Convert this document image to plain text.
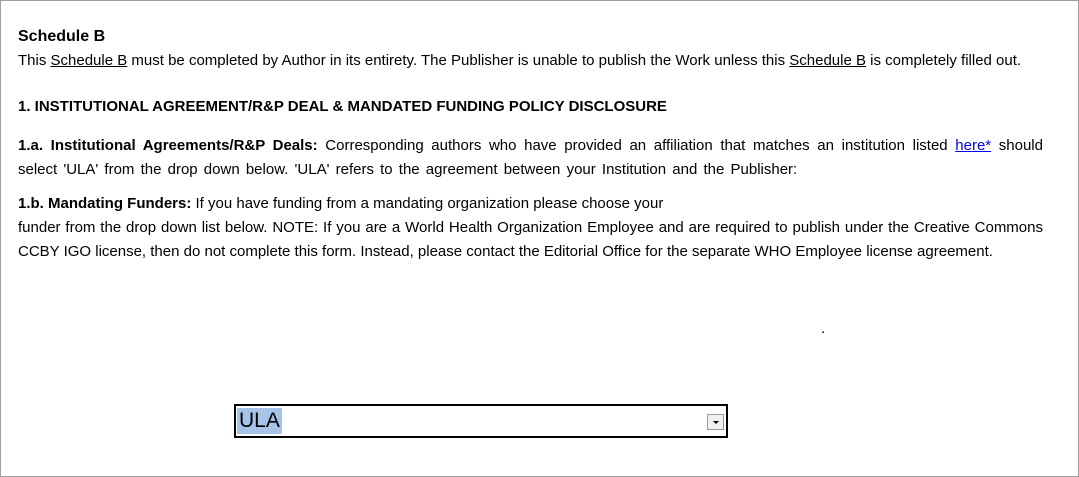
Schedule B

This Schedule B must be completed by Author in its entirety. The Publisher is unable to publish the Work unless this Schedule B is completely filled out.

1. INSTITUTIONAL AGREEMENT/R&P DEAL & MANDATED FUNDING POLICY DISCLOSURE

1.a. Institutional Agreements/R&P Deals: Corresponding authors who have provided an affiliation that matches an institution listed here* should select 'ULA' from the drop down below. 'ULA' refers to the agreement between your Institution and the Publisher:

1.b. Mandating Funders: If you have funding from a mandating organization please choose your

funder from the drop down list below. NOTE: If you are a World Health Organization Employee and are required to publish under the Creative Commons CCBY IGO license, then do not complete this form. Instead, please contact the Editorial Office for the separate WHO Employee license agreement.

.
ULA
